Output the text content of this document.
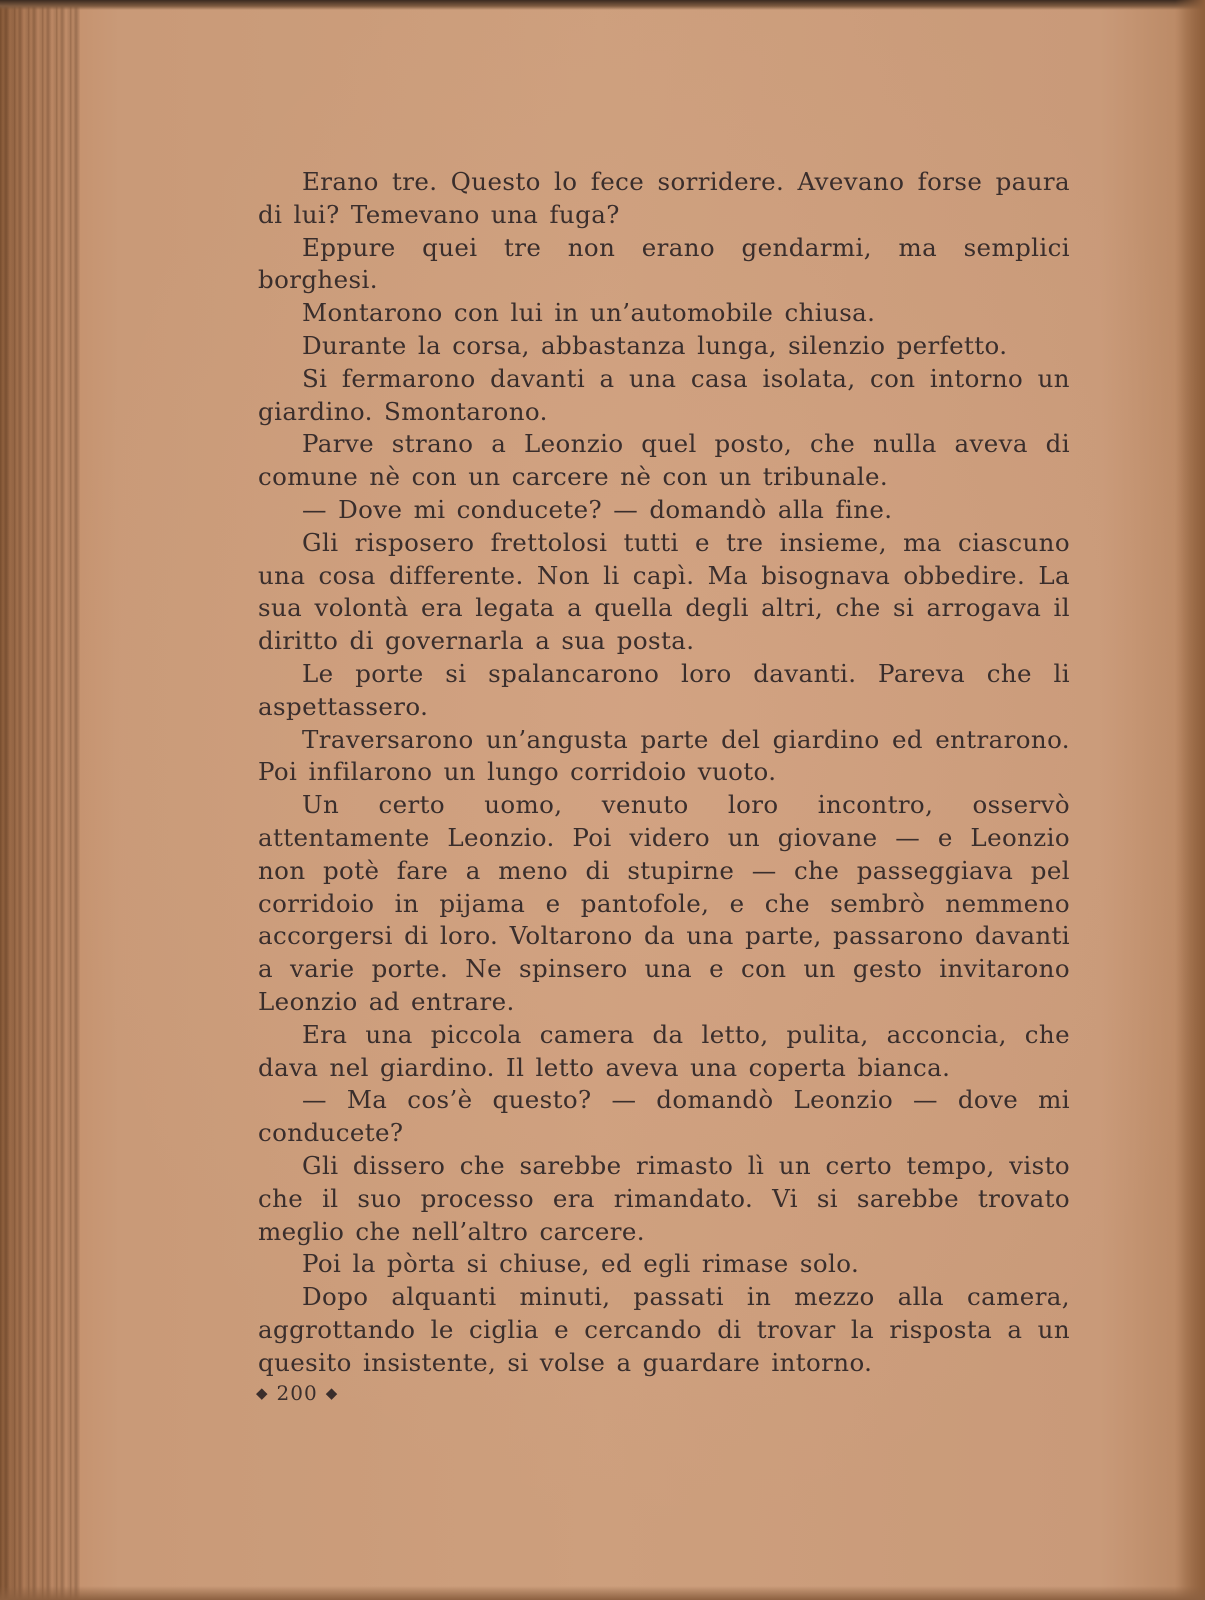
Erano tre. Questo lo fece sorridere. Avevano forse paura di lui? Temevano una fuga?

Eppure quei tre non erano gendarmi, ma semplici borghesi.

Montarono con lui in un’automobile chiusa.

Durante la corsa, abbastanza lunga, silenzio perfetto.

Si fermarono davanti a una casa isolata, con intorno un giardino. Smontarono.

Parve strano a Leonzio quel posto, che nulla aveva di comune nè con un carcere nè con un tribunale.

— Dove mi conducete? — domandò alla fine.

Gli risposero frettolosi tutti e tre insieme, ma ciascuno una cosa differente. Non li capì. Ma bisognava obbedire. La sua volontà era legata a quella degli altri, che si arrogava il diritto di governarla a sua posta.

Le porte si spalancarono loro davanti. Pareva che li aspettassero.

Traversarono un’angusta parte del giardino ed entrarono. Poi infilarono un lungo corridoio vuoto.

Un certo uomo, venuto loro incontro, osservò attentamente Leonzio. Poi videro un giovane — e Leonzio non potè fare a meno di stupirne — che passeggiava pel corridoio in pijama e pantofole, e che sembrò nemmeno accorgersi di loro. Voltarono da una parte, passarono davanti a varie porte. Ne spinsero una e con un gesto invitarono Leonzio ad entrare.

Era una piccola camera da letto, pulita, acconcia, che dava nel giardino. Il letto aveva una coperta bianca.

— Ma cos’è questo? — domandò Leonzio — dove mi conducete?

Gli dissero che sarebbe rimasto lì un certo tempo, visto che il suo processo era rimandato. Vi si sarebbe trovato meglio che nell’altro carcere.

Poi la pòrta si chiuse, ed egli rimase solo.

Dopo alquanti minuti, passati in mezzo alla camera, aggrottando le ciglia e cercando di trovar la risposta a un quesito insistente, si volse a guardare intorno.

◆ 200 ◆
